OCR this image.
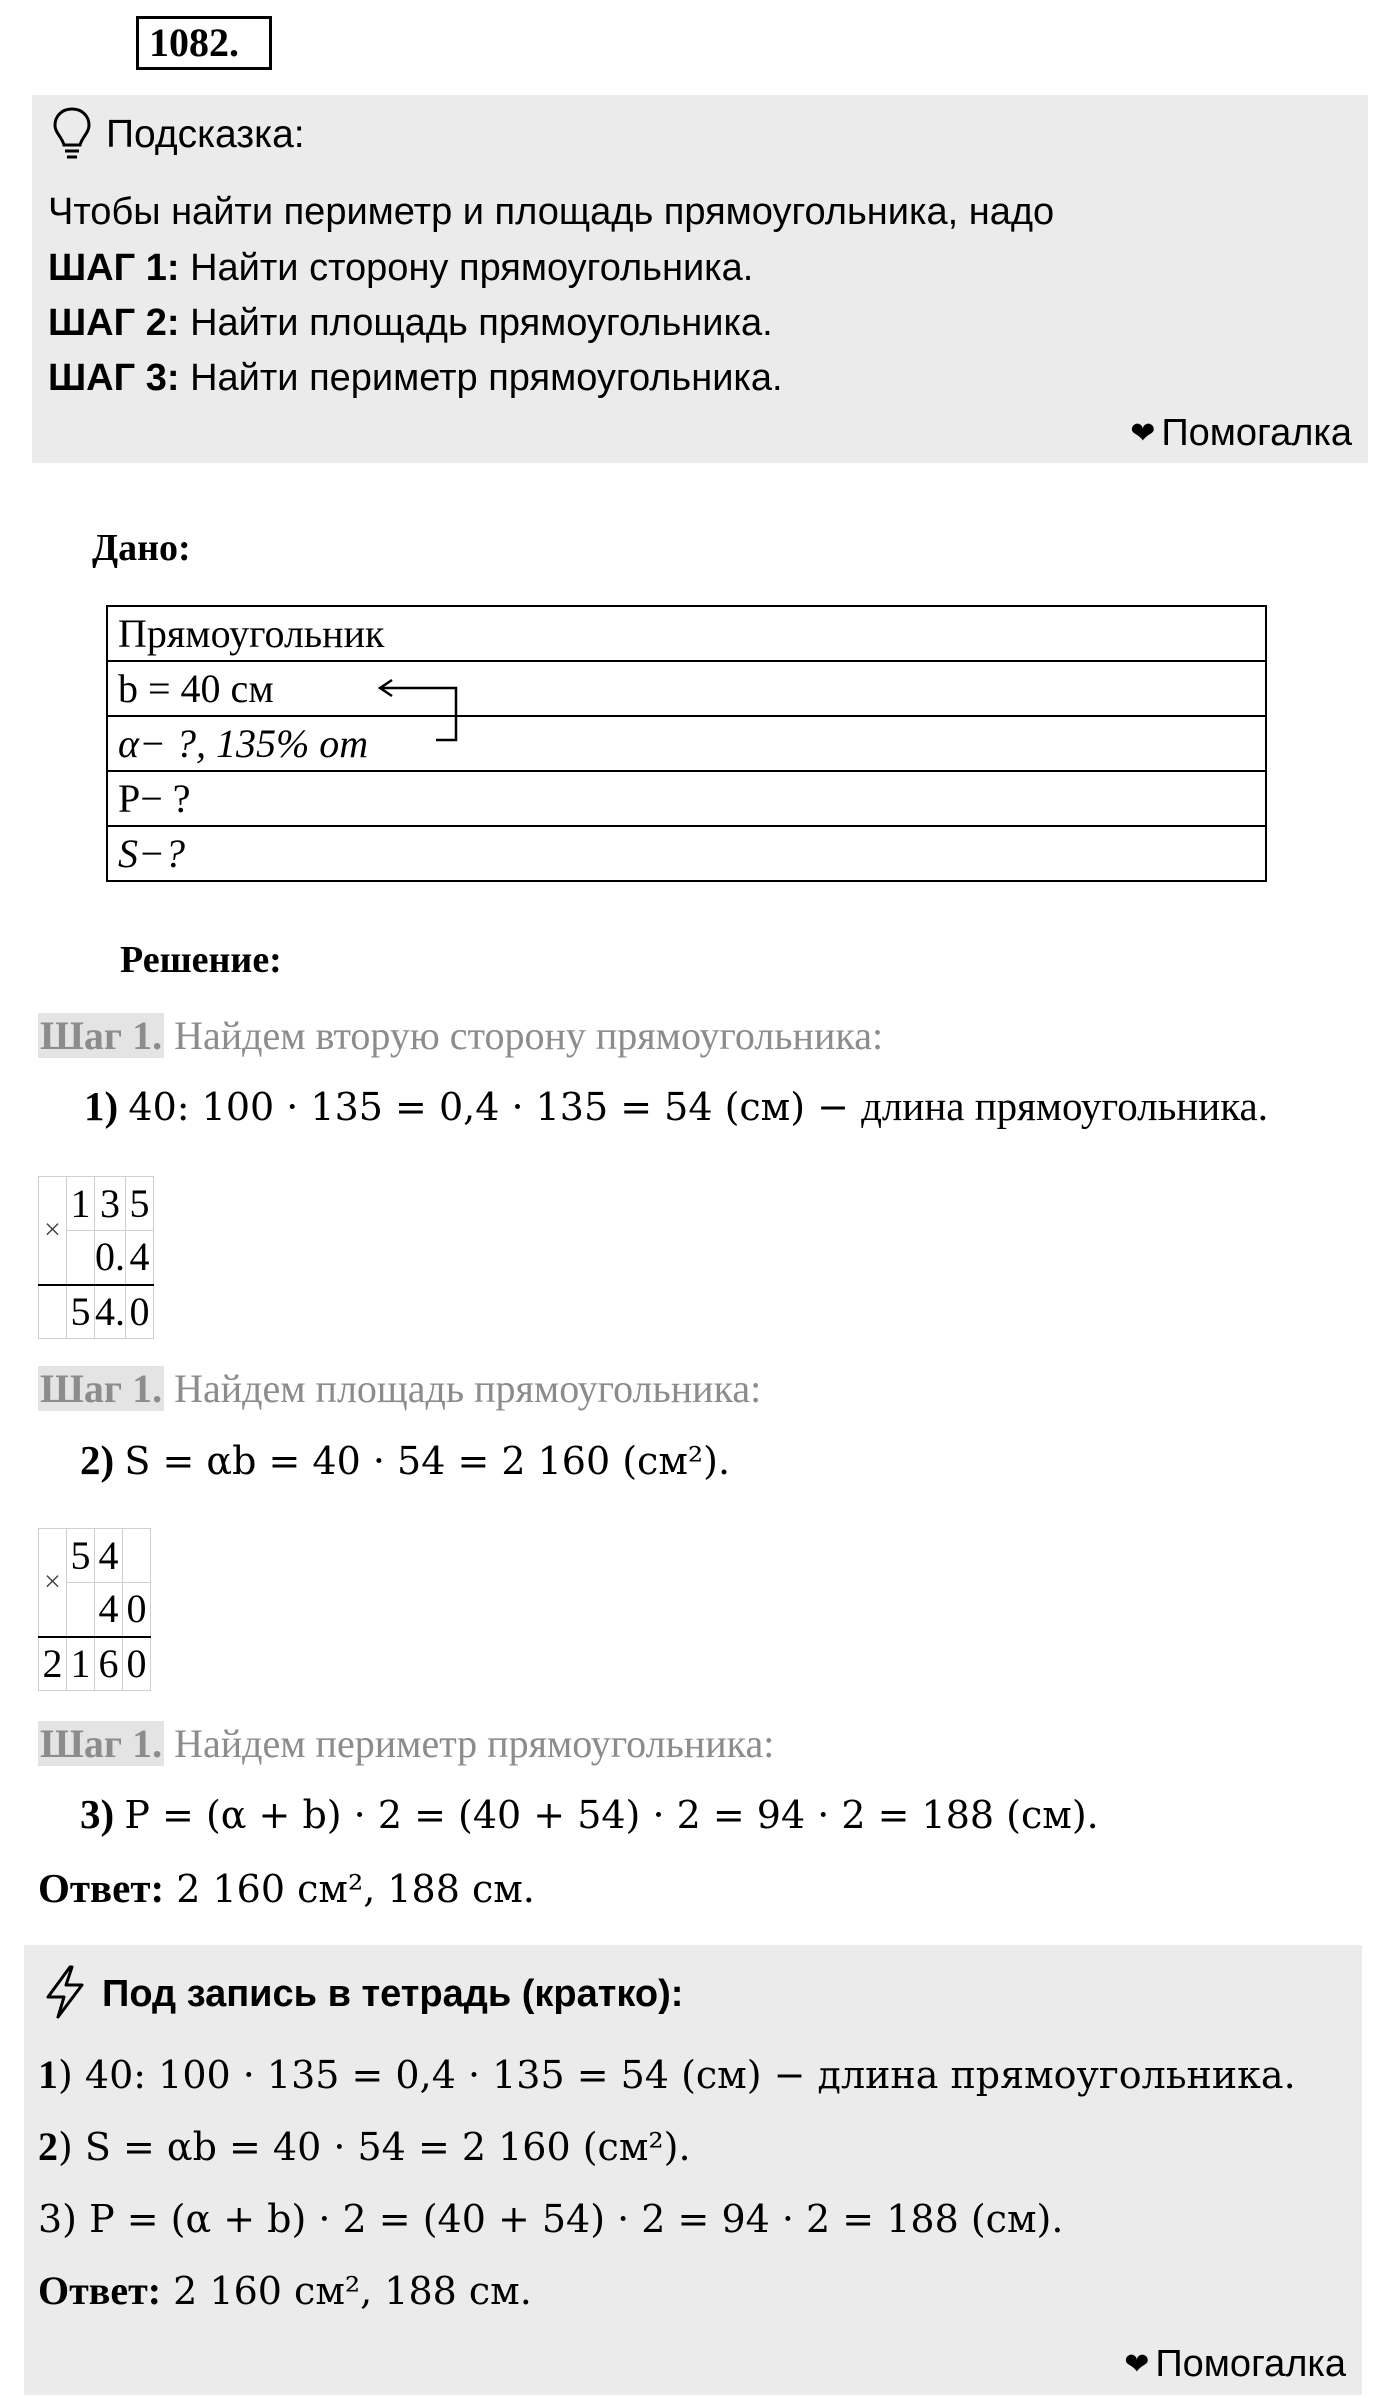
1082.
Подсказка:
Чтобы найти периметр и площадь прямоугольника, надо
ШАГ 1: Найти сторону прямоугольника.
ШАГ 2: Найти площадь прямоугольника.
ШАГ 3: Найти периметр прямоугольника.
❤ Помогалка
Дано:
Прямоугольник
b = 40 см
α− ?, 135% от
P− ?
S−?
Решение:
Шаг 1. Найдем вторую сторону прямоугольника:
1) 40: 100 · 135 = 0,4 · 135 = 54 (см) − длина прямоугольника.
×	1	3	5
		0.	4
	5	4.	0
Шаг 1. Найдем площадь прямоугольника:
2) S = αb = 40 · 54 = 2 160 (см²).
×	5	4	
		4	0
2	1	6	0
Шаг 1. Найдем периметр прямоугольника:
3) P = (α + b) · 2 = (40 + 54) · 2 = 94 · 2 = 188 (см).
Ответ: 2 160 см², 188 см.
Под запись в тетрадь (кратко):
1) 40: 100 · 135 = 0,4 · 135 = 54 (см) − длина прямоугольника.
2) S = αb = 40 · 54 = 2 160 (см²).
3) P = (α + b) · 2 = (40 + 54) · 2 = 94 · 2 = 188 (см).
Ответ: 2 160 см², 188 см.
❤ Помогалка
